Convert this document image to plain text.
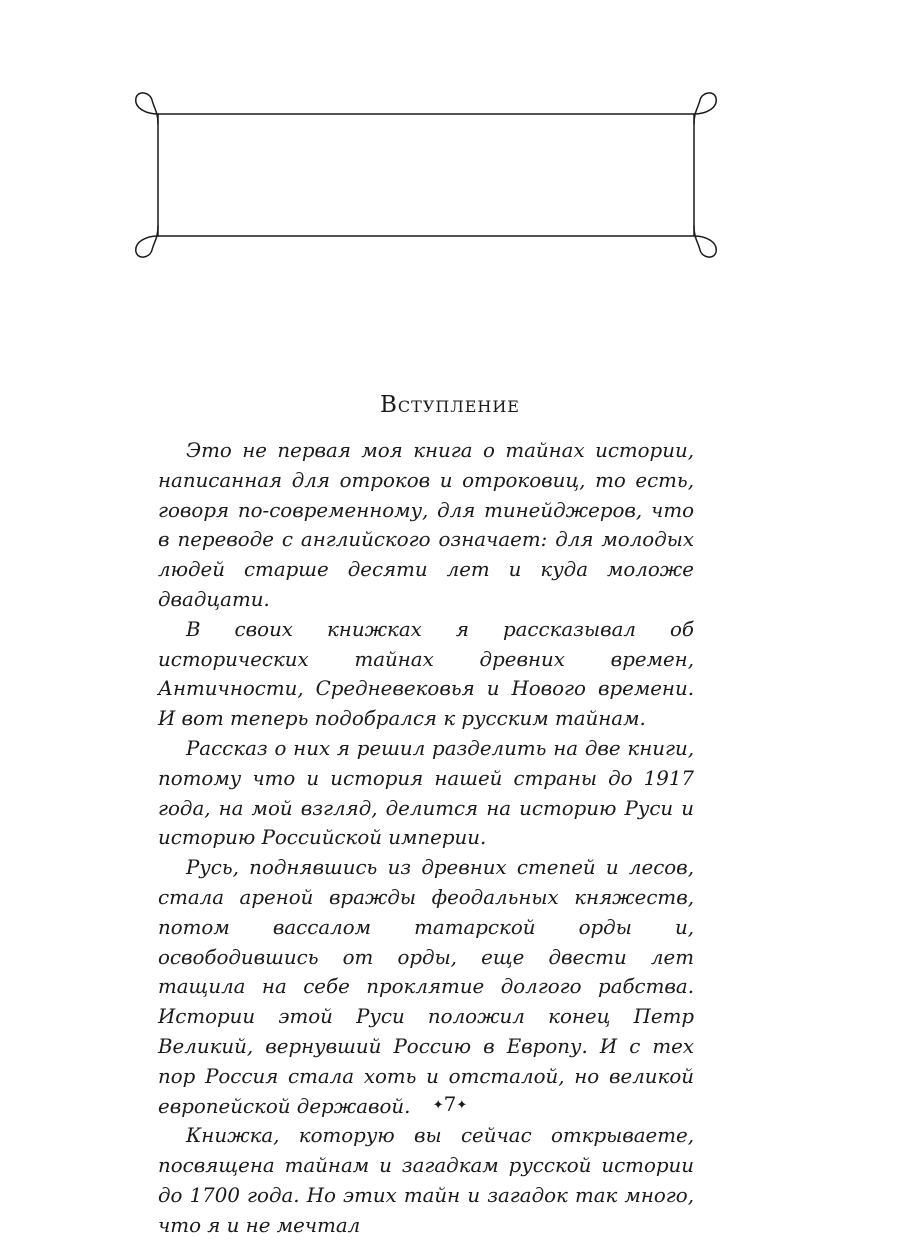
Вступление

Это не первая моя книга о тайнах истории, написанная для отроков и отроковиц, то есть, говоря по-современному, для тинейджеров, что в переводе с английского означает: для молодых людей старше десяти лет и куда моложе двадцати.

В своих книжках я рассказывал об исторических тайнах древних времен, Античности, Средневековья и Нового времени. И вот теперь подобрался к русским тайнам.

Рассказ о них я решил разделить на две книги, потому что и история нашей страны до 1917 года, на мой взгляд, делится на историю Руси и историю Российской империи.

Русь, поднявшись из древних степей и лесов, стала ареной вражды феодальных княжеств, потом вассалом татарской орды и, освободившись от орды, еще двести лет тащила на себе проклятие долгого рабства. Истории этой Руси положил конец Петр Великий, вернувший Россию в Европу. И с тех пор Россия стала хоть и отсталой, но великой европейской державой.

Книжка, которую вы сейчас открываете, посвящена тайнам и загадкам русской истории до 1700 года. Но этих тайн и загадок так много, что я и не мечтал

✦7✦
